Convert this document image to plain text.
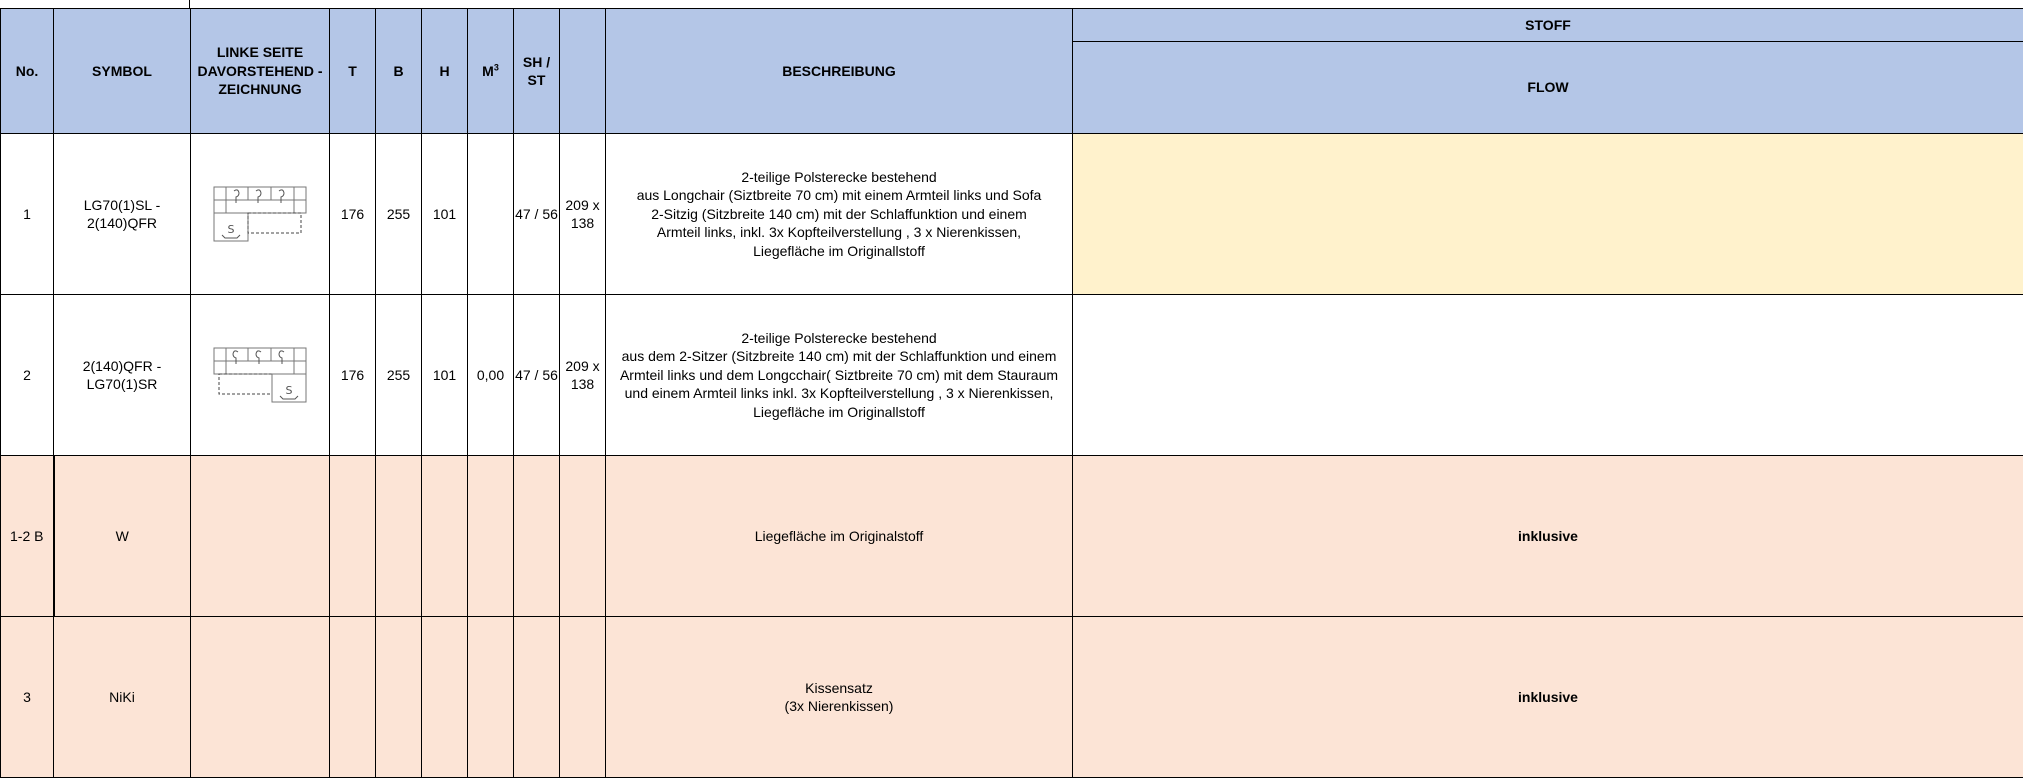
No.	SYMBOL	LINKE SEITE DAVORSTEHEND - ZEICHNUNG	T	B	H	$M^3$	SH / ST		BESCHREIBUNG	STOFF
										FLOW
1	LG70(1)SL - 2(140)QFR	S	176	255	101		47 / 56	209 x 138	2-teilige Polsterecke bestehend
aus Longchair (Siztbreite 70 cm) mit einem Armteil links und Sofa 2-Sitzig (Sitzbreite 140 cm) mit der Schlaffunktion und einem Armteil links, inkl. 3x Kopfteilverstellung , 3 x Nierenkissen, Liegefläche im Originallstoff	
2	2(140)QFR - LG70(1)SR	S	176	255	101	0,00	47 / 56	209 x 138	2-teilige Polsterecke bestehend
aus dem 2-Sitzer (Sitzbreite 140 cm) mit der Schlaffunktion und einem Armteil links und dem Longcchair( Siztbreite 70 cm) mit dem Stauraum und einem Armteil links inkl. 3x Kopfteilverstellung , 3 x Nierenkissen, Liegefläche im Originallstoff	
1-2 B	W								Liegefläche im Originalstoff	inklusive
3	NiKi								Kissensatz
(3x Nierenkissen)	inklusive
